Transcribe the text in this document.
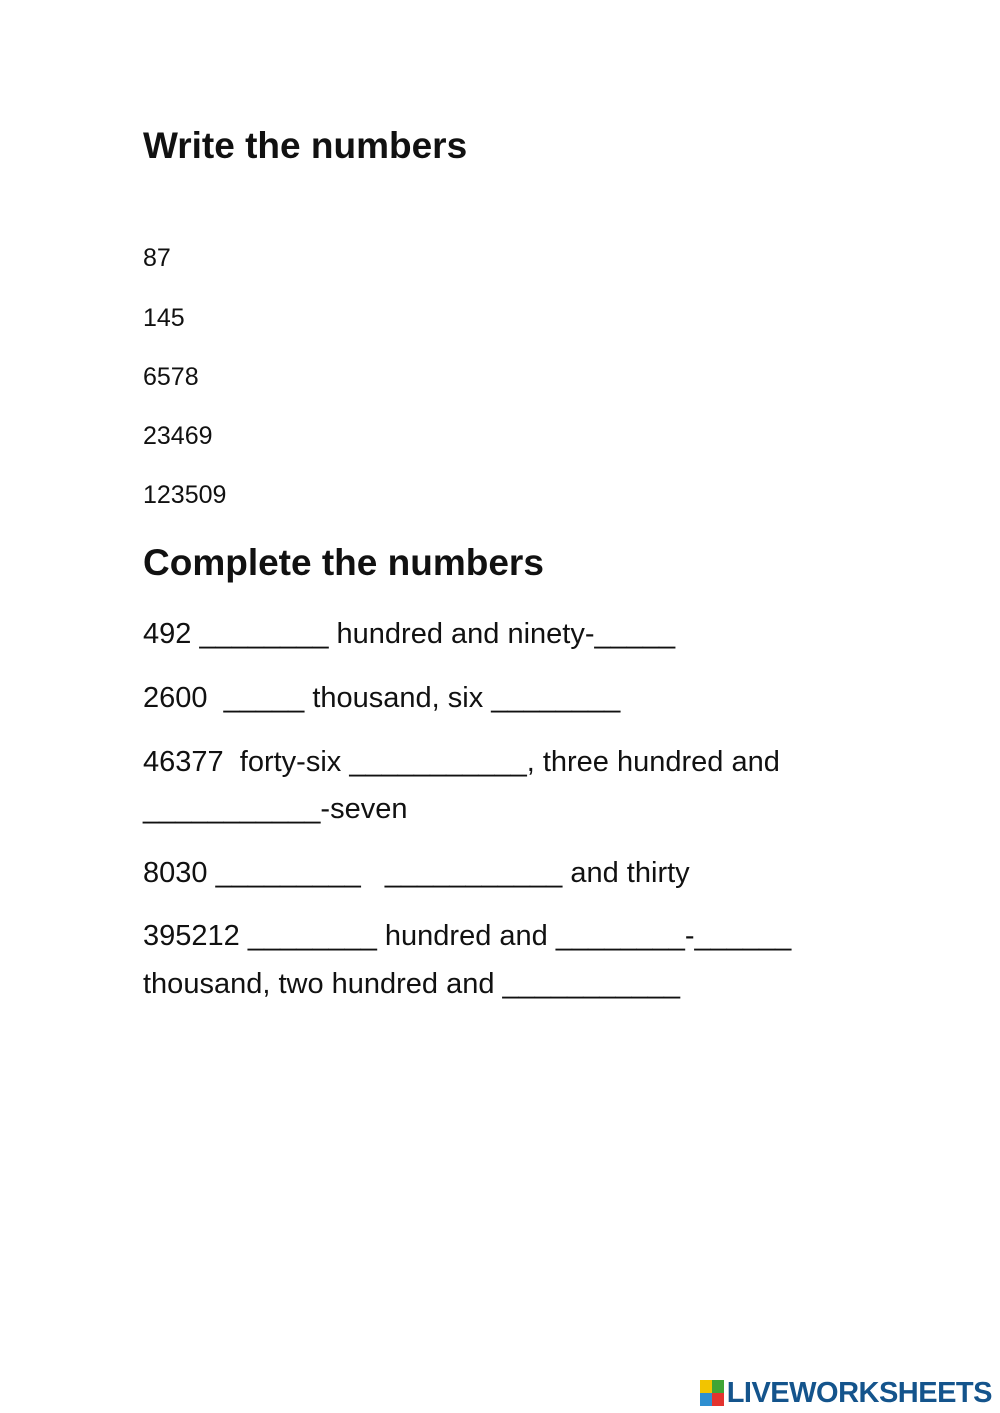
Write the numbers
87
145
6578
23469
123509
Complete the numbers
492 ________ hundred and ninety-_____
2600  _____ thousand, six ________
46377  forty-six ___________, three hundred and
___________-seven
8030 _________   ___________ and thirty
395212 ________ hundred and ________-______
thousand, two hundred and ___________
LIVEWORKSHEETS
